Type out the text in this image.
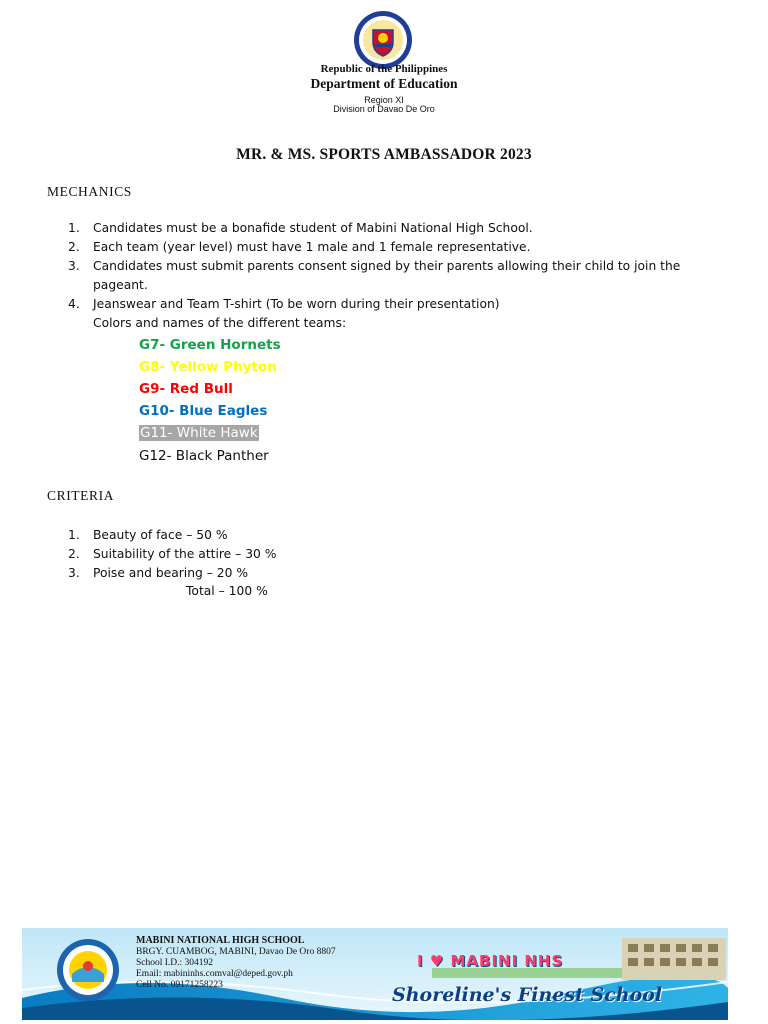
Republic of the Philippines
Department of Education
Region XI
Division of Davao De Oro
MR. & MS. SPORTS AMBASSADOR 2023
MECHANICS
1. Candidates must be a bonafide student of Mabini National High School.
2. Each team (year level) must have 1 male and 1 female representative.
3. Candidates must submit parents consent signed by their parents allowing their child to join the pageant.
4. Jeanswear and Team T-shirt (To be worn during their presentation)
Colors and names of the different teams:
G7- Green Hornets
G8- Yellow Phyton
G9- Red Bull
G10- Blue Eagles
G11- White Hawk
G12- Black Panther
CRITERIA
1. Beauty of face – 50 %
2. Suitability of the attire – 30 %
3. Poise and bearing – 20 %
Total – 100 %
MABINI NATIONAL HIGH SCHOOL
BRGY. CUAMBOG, MABINI, Davao De Oro 8807
School I.D.: 304192
Email: mabininhs.comval@deped.gov.ph
Cell No. 09171258223
I ♥ MABINI NHS
Shoreline's Finest School
